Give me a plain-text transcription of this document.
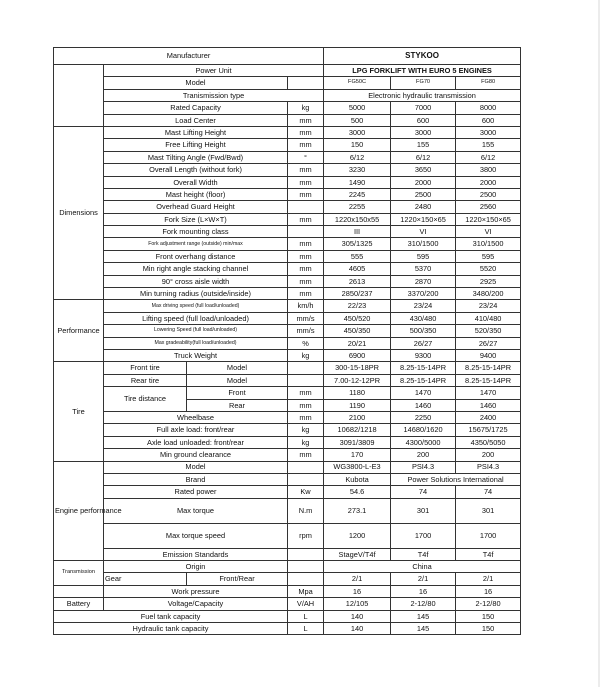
Manufacturer				STYKOO		
	Power Unit			LPG FORKLIFT WITH EURO 5 ENGINES		
	Model			FG50C	FG70	FG80
	Tranismission type			Electronic hydraulic transmission		
	Rated Capacity		kg	5000	7000	8000
	Load Center		mm	500	600	600
Dimensions	Mast Lifting Height		mm	3000	3000	3000
	Free Lifting Height		mm	150	155	155
	Mast Tilting Angle (Fwd/Bwd)		°	6/12	6/12	6/12
	Overall Length (without fork)		mm	3230	3650	3800
	Overall Width		mm	1490	2000	2000
	Mast height (floor)		mm	2245	2500	2500
	Overhead Guard Height			2255	2480	2560
	Fork Size (L×W×T)		mm	1220x150x55	1220×150×65	1220×150×65
	Fork mounting class			III	VI	VI
	Fork adjustment range (outside) min/max		mm	305/1325	310/1500	310/1500
	Front overhang distance		mm	555	595	595
	Min right angle stacking channel		mm	4605	5370	5520
	90° cross aisle width		mm	2613	2870	2925
	Min turning radius (outside/inside)		mm	2850/237	3370/200	3480/200
Performance	Max driving speed (full load/unloaded)		km/h	22/23	23/24	23/24
	Lifting speed (full load/unloaded)		mm/s	450/520	430/480	410/480
	Lowering Speed (full load/unloaded)		mm/s	450/350	500/350	520/350
	Max gradeability(full load/unloaded)		%	20/21	26/27	26/27
	Truck Weight		kg	6900	9300	9400
Tire	Front tire	Model		300-15-18PR	8.25-15-14PR	8.25-15-14PR
	Rear tire	Model		7.00-12-12PR	8.25-15-14PR	8.25-15-14PR
	Tire distance	Front	mm	1180	1470	1470
		Rear	mm	1190	1460	1460
	Wheelbase		mm	2100	2250	2400
	Full axle load: front/rear		kg	10682/1218	14680/1620	15675/1725
	Axle load unloaded: front/rear		kg	3091/3809	4300/5000	4350/5050
	Min ground clearance		mm	170	200	200
Engine performance	Model			WG3800-L-E3	PSI4.3	PSI4.3
	Brand			Kubota	Power Solutions International	
	Rated power		Kw	54.6	74	74
	Max torque		N.m	273.1	301	301
	Max torque speed		rpm	1200	1700	1700
	Emission Standards			StageV/T4f	T4f	T4f
Transmission	Origin			China		
	Gear	Front/Rear		2/1	2/1	2/1
	Work pressure		Mpa	16	16	16
Battery	Voltage/Capacity		V/AH	12/105	2-12/80	2-12/80
Fuel tank capacity			L	140	145	150
Hydraulic tank capacity			L	140	145	150
